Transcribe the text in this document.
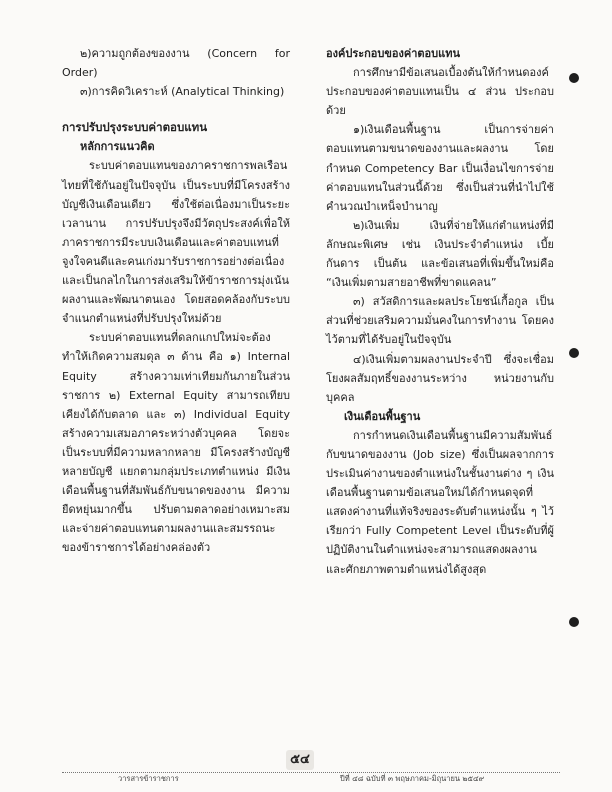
๒)ความถูกต้องของงาน (Concern for Order)

๓)การคิดวิเคราะห์ (Analytical Thinking)

การปรับปรุงระบบค่าตอบแทน

หลักการแนวคิด

ระบบค่าตอบแทนของภาคราชการพลเรือนไทยที่ใช้กันอยู่ในปัจจุบัน เป็นระบบที่มีโครงสร้างบัญชีเงินเดือนเดียว ซึ่งใช้ต่อเนื่องมาเป็นระยะเวลานาน การปรับปรุงจึงมีวัตถุประสงค์เพื่อให้ภาคราชการมีระบบเงินเดือนและค่าตอบแทนที่จูงใจคนดีและคนเก่งมารับราชการอย่างต่อเนื่อง และเป็นกลไกในการส่งเสริมให้ข้าราชการมุ่งเน้นผลงานและพัฒนาตนเอง โดยสอดคล้องกับระบบจำแนกตำแหน่งที่ปรับปรุงใหม่ด้วย

ระบบค่าตอบแทนที่ดลกแกปใหม่จะต้องทำให้เกิดความสมดุล ๓ ด้าน คือ ๑) Internal Equity สร้างความเท่าเทียมกันภายในส่วนราชการ ๒) External Equity สามารถเทียบเคียงได้กับตลาด และ ๓) Individual Equity สร้างความเสมอภาคระหว่างตัวบุคคล โดยจะเป็นระบบที่มีความหลากหลาย มีโครงสร้างบัญชีหลายบัญชี แยกตามกลุ่มประเภทตำแหน่ง มีเงินเดือนพื้นฐานที่สัมพันธ์กับขนาดของงาน มีความยืดหยุ่นมากขึ้น ปรับตามตลาดอย่างเหมาะสม และจ่ายค่าตอบแทนตามผลงานและสมรรถนะของข้าราชการได้อย่างคล่องตัว

องค์ประกอบของค่าตอบแทน

การศึกษามีข้อเสนอเบื้องต้นให้กำหนดองค์ประกอบของค่าตอบแทนเป็น ๔ ส่วน ประกอบด้วย

๑)เงินเดือนพื้นฐาน เป็นการจ่ายค่าตอบแทนตามขนาดของงานและผลงาน โดยกำหนด Competency Bar เป็นเงื่อนไขการจ่ายค่าตอบแทนในส่วนนี้ด้วย ซึ่งเป็นส่วนที่นำไปใช้คำนวณบำเหน็จบำนาญ

๒)เงินเพิ่ม เงินที่จ่ายให้แก่ตำแหน่งที่มีลักษณะพิเศษ เช่น เงินประจำตำแหน่ง เบี้ยกันดาร เป็นต้น และข้อเสนอที่เพิ่มขึ้นใหม่คือ “เงินเพิ่มตามสายอาชีพที่ขาดแคลน”

๓) สวัสดิการและผลประโยชน์เกื้อกูล เป็นส่วนที่ช่วยเสริมความมั่นคงในการทำงาน โดยคงไว้ตามที่ได้รับอยู่ในปัจจุบัน

๔)เงินเพิ่มตามผลงานประจำปี ซึ่งจะเชื่อมโยงผลสัมฤทธิ์ของงานระหว่าง หน่วยงานกับบุคคล

เงินเดือนพื้นฐาน

การกำหนดเงินเดือนพื้นฐานมีความสัมพันธ์กับขนาดของงาน (Job size) ซึ่งเป็นผลจากการประเมินค่างานของตำแหน่งในชั้นงานต่าง ๆ เงินเดือนพื้นฐานตามข้อเสนอใหม่ได้กำหนดจุดที่แสดงค่างานที่แท้จริงของระดับตำแหน่งนั้น ๆ ไว้ เรียกว่า Fully Competent Level เป็นระดับที่ผู้ปฏิบัติงานในตำแหน่งจะสามารถแสดงผลงานและศักยภาพตามตำแหน่งได้สูงสุด

๕๔
วารสารข้าราชการ	ปีที่ ๔๘ ฉบับที่ ๓ พฤษภาคม-มิถุนายน ๒๕๔๙
